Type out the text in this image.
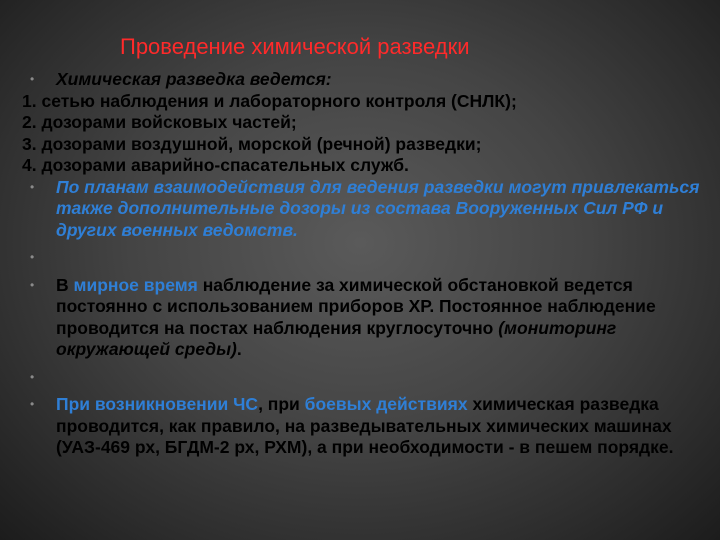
Проведение химической разведки
• Химическая разведка ведется:
1. сетью наблюдения и лабораторного контроля (СНЛК);
2. дозорами войсковых частей;
3. дозорами воздушной, морской (речной) разведки;
4. дозорами аварийно-спасательных служб.
• По планам взаимодействия для ведения разведки могут привлекаться также дополнительные дозоры из состава Вооруженных Сил РФ и других военных ведомств.
•
• В мирное время наблюдение за химической обстановкой ведется постоянно с использованием приборов ХР. Постоянное наблюдение проводится на постах наблюдения круглосуточно (мониторинг окружающей среды).
•
• При возникновении ЧС, при боевых действиях химическая разведка проводится, как правило, на разведывательных химических машинах (УАЗ-469 рх, БГДМ-2 рх, РХМ), а при необходимости - в пешем порядке.
